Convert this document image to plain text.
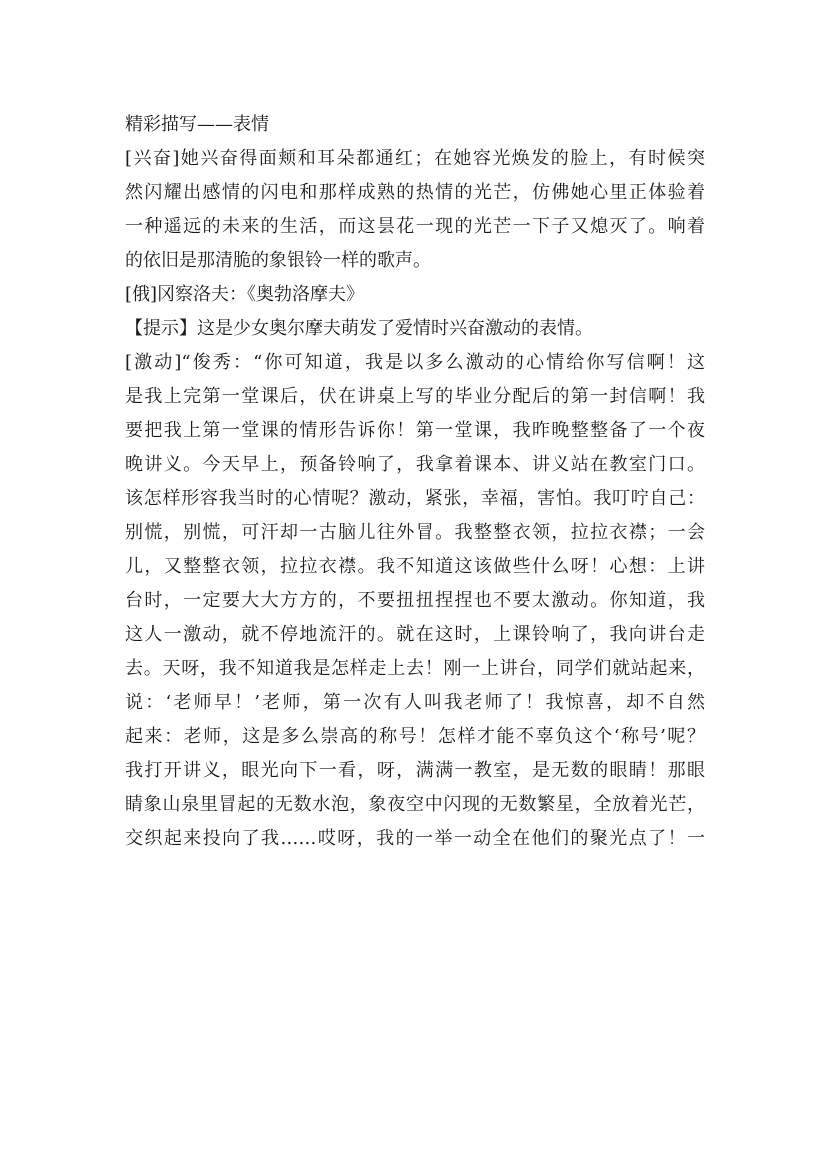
精彩描写——表情
[兴奋]她兴奋得面颊和耳朵都通红；在她容光焕发的脸上，有时候突
然闪耀出感情的闪电和那样成熟的热情的光芒，仿佛她心里正体验着
一种遥远的未来的生活，而这昙花一现的光芒一下子又熄灭了。响着
的依旧是那清脆的象银铃一样的歌声。
[俄]冈察洛夫：《奥勃洛摩夫》
【提示】这是少女奥尔摩夫萌发了爱情时兴奋激动的表情。
[激动]“俊秀：“你可知道，我是以多么激动的心情给你写信啊！这
是我上完第一堂课后，伏在讲桌上写的毕业分配后的第一封信啊！我
要把我上第一堂课的情形告诉你！第一堂课，我昨晚整整备了一个夜
晚讲义。今天早上，预备铃响了，我拿着课本、讲义站在教室门口。
该怎样形容我当时的心情呢？激动，紧张，幸福，害怕。我叮咛自己：
别慌，别慌，可汗却一古脑儿往外冒。我整整衣领，拉拉衣襟；一会
儿，又整整衣领，拉拉衣襟。我不知道这该做些什么呀！心想：上讲
台时，一定要大大方方的，不要扭扭捏捏也不要太激动。你知道，我
这人一激动，就不停地流汗的。就在这时，上课铃响了，我向讲台走
去。天呀，我不知道我是怎样走上去！刚一上讲台，同学们就站起来，
说：‘老师早！’老师，第一次有人叫我老师了！我惊喜，却不自然
起来：老师，这是多么崇高的称号！怎样才能不辜负这个‘称号’呢？
我打开讲义，眼光向下一看，呀，满满一教室，是无数的眼睛！那眼
睛象山泉里冒起的无数水泡，象夜空中闪现的无数繁星，全放着光芒，
交织起来投向了我……哎呀，我的一举一动全在他们的聚光点了！一
